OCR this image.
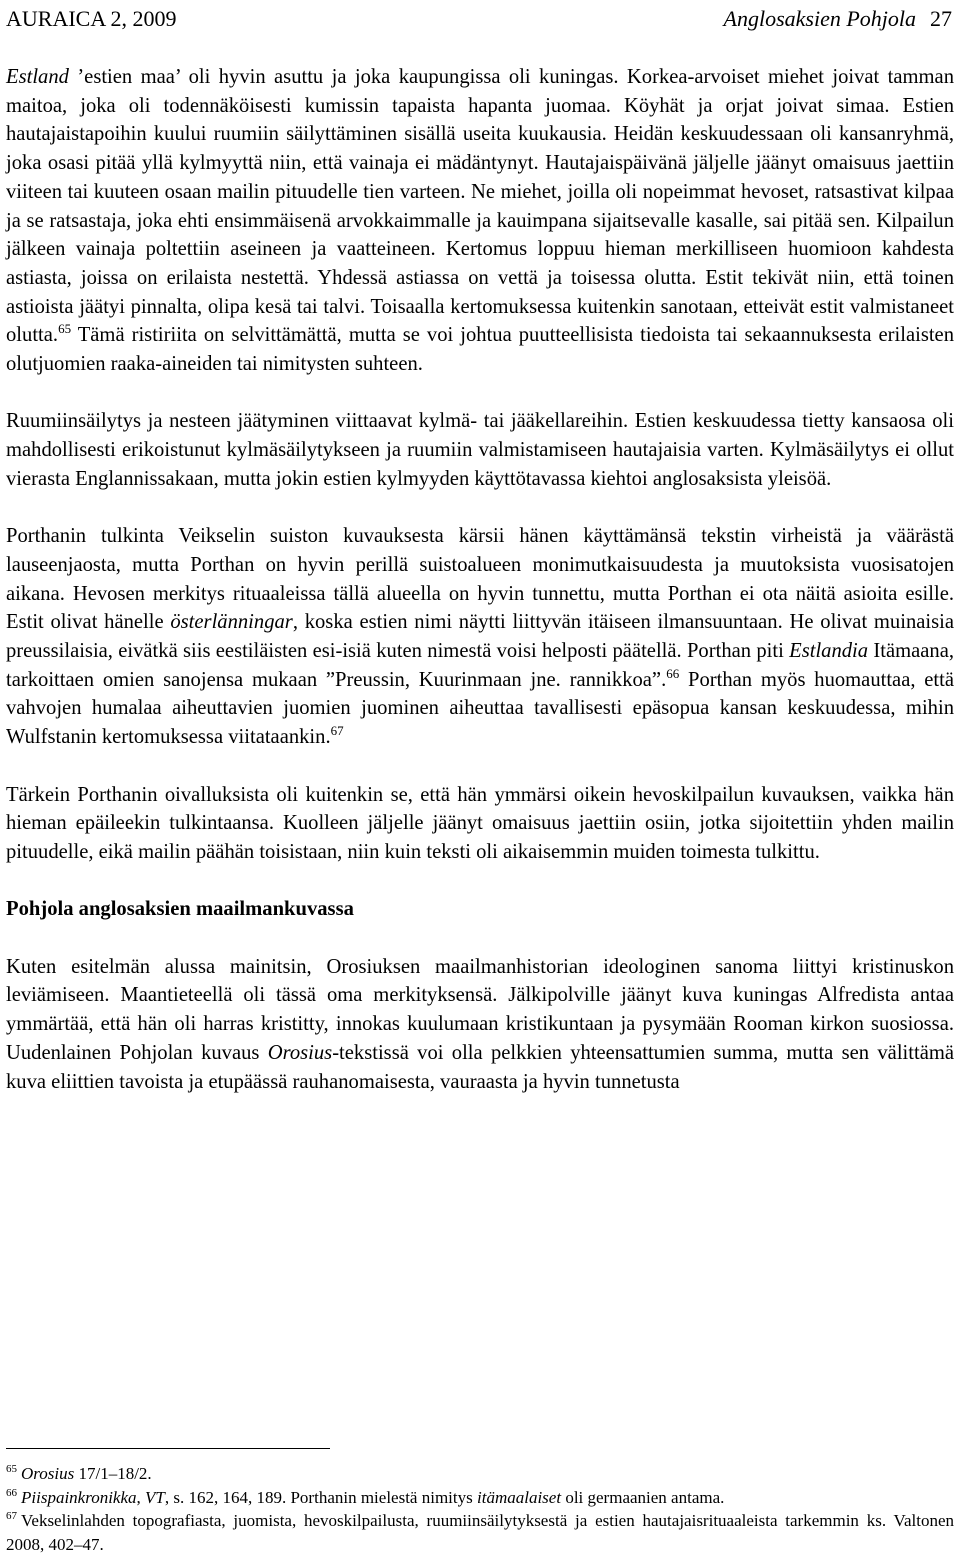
AURAICA 2, 2009	Anglosaksien Pohjola 27

Estland ’estien maa’ oli hyvin asuttu ja joka kaupungissa oli kuningas. Korkea-arvoiset miehet joivat tamman maitoa, joka oli todennäköisesti kumissin tapaista hapanta juomaa. Köyhät ja orjat joivat simaa. Estien hautajaistapoihin kuului ruumiin säilyttäminen sisällä useita kuukausia. Heidän keskuudessaan oli kansanryhmä, joka osasi pitää yllä kylmyyttä niin, että vainaja ei mädäntynyt. Hautajaispäivänä jäljelle jäänyt omaisuus jaettiin viiteen tai kuuteen osaan mailin pituudelle tien varteen. Ne miehet, joilla oli nopeimmat hevoset, ratsastivat kilpaa ja se ratsastaja, joka ehti ensimmäisenä arvokkaimmalle ja kauimpana sijaitsevalle kasalle, sai pitää sen. Kilpailun jälkeen vainaja poltettiin aseineen ja vaatteineen. Kertomus loppuu hieman merkilliseen huomioon kahdesta astiasta, joissa on erilaista nestettä. Yhdessä astiassa on vettä ja toisessa olutta. Estit tekivät niin, että toinen astioista jäätyi pinnalta, olipa kesä tai talvi. Toisaalla kertomuksessa kuitenkin sanotaan, etteivät estit valmistaneet olutta.$^{65}$ Tämä ristiriita on selvittämättä, mutta se voi johtua puutteellisista tiedoista tai sekaannuksesta erilaisten olutjuomien raaka-aineiden tai nimitysten suhteen.

Ruumiinsäilytys ja nesteen jäätyminen viittaavat kylmä- tai jääkellareihin. Estien keskuudessa tietty kansaosa oli mahdollisesti erikoistunut kylmäsäilytykseen ja ruumiin valmistamiseen hautajaisia varten. Kylmäsäilytys ei ollut vierasta Englannissakaan, mutta jokin estien kylmyyden käyttötavassa kiehtoi anglosaksista yleisöä.

Porthanin tulkinta Veikselin suiston kuvauksesta kärsii hänen käyttämänsä tekstin virheistä ja väärästä lauseenjaosta, mutta Porthan on hyvin perillä suistoalueen monimutkaisuudesta ja muutoksista vuosisatojen aikana. Hevosen merkitys rituaaleissa tällä alueella on hyvin tunnettu, mutta Porthan ei ota näitä asioita esille. Estit olivat hänelle österlänningar, koska estien nimi näytti liittyvän itäiseen ilmansuuntaan. He olivat muinaisia preussilaisia, eivätkä siis eestiläisten esi-isiä kuten nimestä voisi helposti päätellä. Porthan piti Estlandia Itämaana, tarkoittaen omien sanojensa mukaan ”Preussin, Kuurinmaan jne. rannikkoa”.$^{66}$ Porthan myös huomauttaa, että vahvojen humalaa aiheuttavien juomien juominen aiheuttaa tavallisesti epäsopua kansan keskuudessa, mihin Wulfstanin kertomuksessa viitataankin.$^{67}$

Tärkein Porthanin oivalluksista oli kuitenkin se, että hän ymmärsi oikein hevoskilpailun kuvauksen, vaikka hän hieman epäileekin tulkintaansa. Kuolleen jäljelle jäänyt omaisuus jaettiin osiin, jotka sijoitettiin yhden mailin pituudelle, eikä mailin päähän toisistaan, niin kuin teksti oli aikaisemmin muiden toimesta tulkittu.

Pohjola anglosaksien maailmankuvassa

Kuten esitelmän alussa mainitsin, Orosiuksen maailmanhistorian ideologinen sanoma liittyi kristinuskon leviämiseen. Maantieteellä oli tässä oma merkityksensä. Jälkipolville jäänyt kuva kuningas Alfredista antaa ymmärtää, että hän oli harras kristitty, innokas kuulumaan kristikuntaan ja pysymään Rooman kirkon suosiossa. Uudenlainen Pohjolan kuvaus Orosius-tekstissä voi olla pelkkien yhteensattumien summa, mutta sen välittämä kuva eliittien tavoista ja etupäässä rauhanomaisesta, vauraasta ja hyvin tunnetusta

$^{65}$ Orosius 17/1–18/2.

$^{66}$ Piispainkronikka, VT, s. 162, 164, 189. Porthanin mielestä nimitys itämaalaiset oli germaanien antama.

$^{67}$ Vekselinlahden topografiasta, juomista, hevoskilpailusta, ruumiinsäilytyksestä ja estien hautajaisrituaaleista tarkemmin ks. Valtonen 2008, 402–47.
